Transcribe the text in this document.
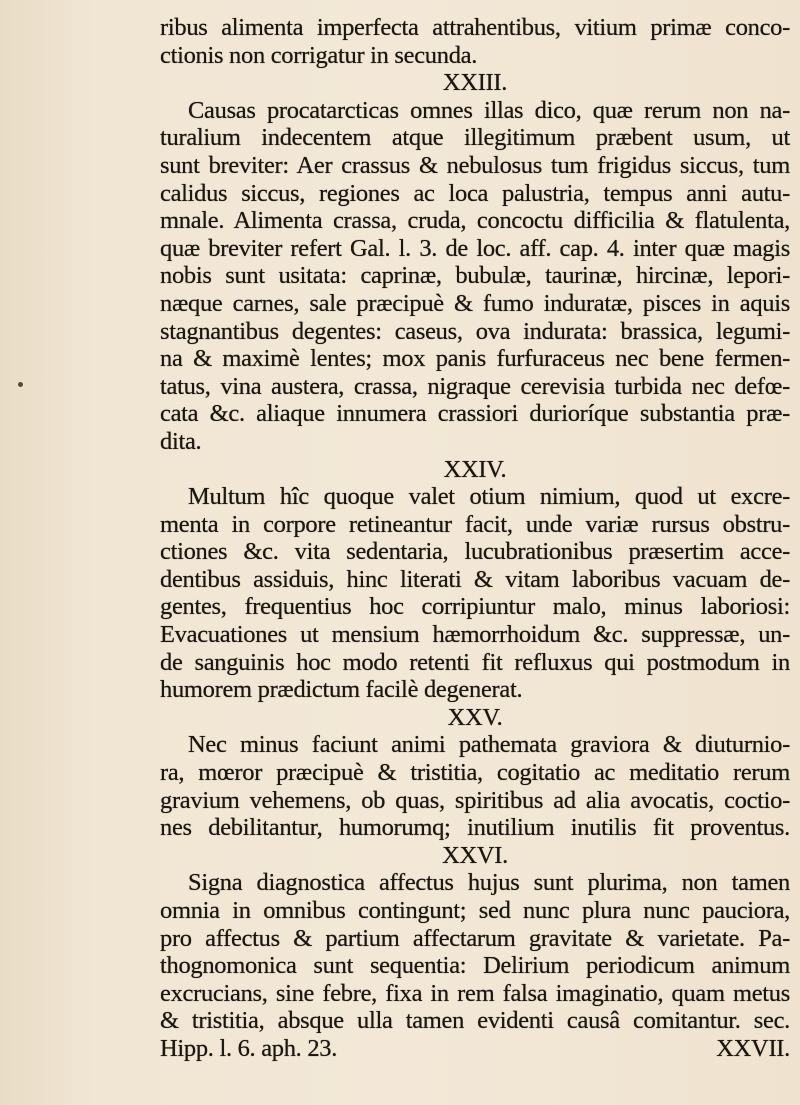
ribus alimenta imperfecta attrahentibus, vitium primæ conco-
ctionis non corrigatur in secunda.
XXIII.
Causas procatarcticas omnes illas dico, quæ rerum non na-
turalium indecentem atque illegitimum præbent usum, ut
sunt breviter: Aer crassus & nebulosus tum frigidus siccus, tum
calidus siccus, regiones ac loca palustria, tempus anni autu-
mnale. Alimenta crassa, cruda, concoctu difficilia & flatulenta,
quæ breviter refert Gal. l. 3. de loc. aff. cap. 4. inter quæ magis
nobis sunt usitata: caprinæ, bubulæ, taurinæ, hircinæ, lepori-
næque carnes, sale præcipuè & fumo induratæ, pisces in aquis
stagnantibus degentes: caseus, ova indurata: brassica, legumi-
na & maximè lentes; mox panis furfuraceus nec bene fermen-
tatus, vina austera, crassa, nigraque cerevisia turbida nec defœ-
cata &c. aliaque innumera crassiori durioríque substantia præ-
dita.
XXIV.
Multum hîc quoque valet otium nimium, quod ut excre-
menta in corpore retineantur facit, unde variæ rursus obstru-
ctiones &c. vita sedentaria, lucubrationibus præsertim acce-
dentibus assiduis, hinc literati & vitam laboribus vacuam de-
gentes, frequentius hoc corripiuntur malo, minus laboriosi:
Evacuationes ut mensium hæmorrhoidum &c. suppressæ, un-
de sanguinis hoc modo retenti fit refluxus qui postmodum in
humorem prædictum facilè degenerat.
XXV.
Nec minus faciunt animi pathemata graviora & diuturnio-
ra, mœror præcipuè & tristitia, cogitatio ac meditatio rerum
gravium vehemens, ob quas, spiritibus ad alia avocatis, coctio-
nes debilitantur, humorumq; inutilium inutilis fit proventus.
XXVI.
Signa diagnostica affectus hujus sunt plurima, non tamen
omnia in omnibus contingunt; sed nunc plura nunc pauciora,
pro affectus & partium affectarum gravitate & varietate. Pa-
thognomonica sunt sequentia: Delirium periodicum animum
excrucians, sine febre, fixa in rem falsa imaginatio, quam metus
& tristitia, absque ulla tamen evidenti causâ comitantur. sec.
Hipp. l. 6. aph. 23.	XXVII.
